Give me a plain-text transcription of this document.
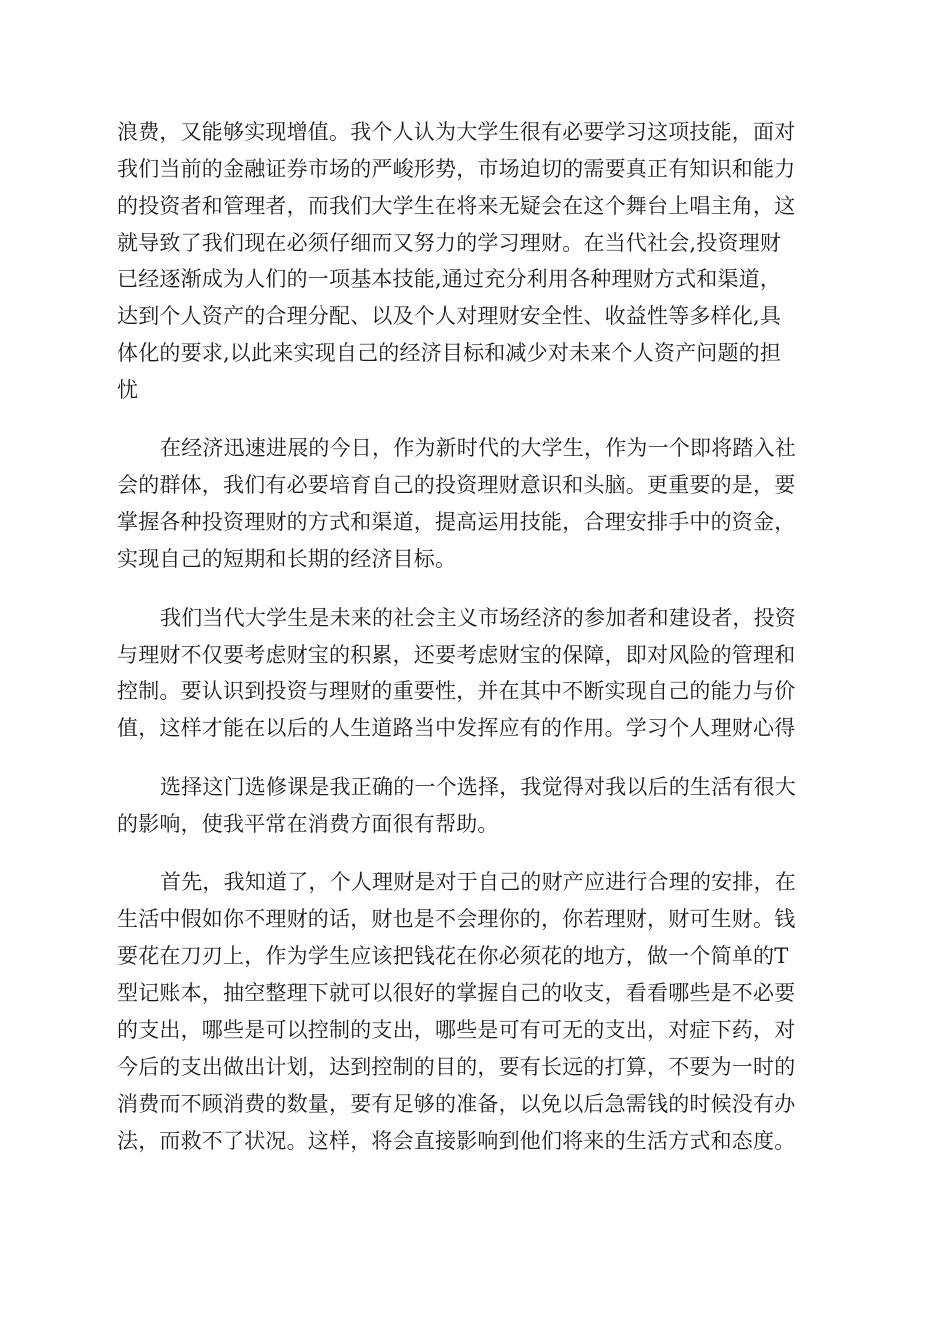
浪费，又能够实现增值。我个人认为大学生很有必要学习这项技能，面对
我们当前的金融证券市场的严峻形势，市场迫切的需要真正有知识和能力
的投资者和管理者，而我们大学生在将来无疑会在这个舞台上唱主角，这
就导致了我们现在必须仔细而又努力的学习理财。在当代社会,投资理财
已经逐渐成为人们的一项基本技能,通过充分利用各种理财方式和渠道，
达到个人资产的合理分配、以及个人对理财安全性、收益性等多样化,具
体化的要求,以此来实现自己的经济目标和减少对未来个人资产问题的担
忧
在经济迅速进展的今日，作为新时代的大学生，作为一个即将踏入社
会的群体，我们有必要培育自己的投资理财意识和头脑。更重要的是，要
掌握各种投资理财的方式和渠道，提高运用技能，合理安排手中的资金，
实现自己的短期和长期的经济目标。
我们当代大学生是未来的社会主义市场经济的参加者和建设者，投资
与理财不仅要考虑财宝的积累，还要考虑财宝的保障，即对风险的管理和
控制。要认识到投资与理财的重要性，并在其中不断实现自己的能力与价
值，这样才能在以后的人生道路当中发挥应有的作用。学习个人理财心得
选择这门选修课是我正确的一个选择，我觉得对我以后的生活有很大
的影响，使我平常在消费方面很有帮助。
首先，我知道了，个人理财是对于自己的财产应进行合理的安排，在
生活中假如你不理财的话，财也是不会理你的，你若理财，财可生财。钱
要花在刀刃上，作为学生应该把钱花在你必须花的地方，做一个简单的T
型记账本，抽空整理下就可以很好的掌握自己的收支，看看哪些是不必要
的支出，哪些是可以控制的支出，哪些是可有可无的支出，对症下药，对
今后的支出做出计划，达到控制的目的，要有长远的打算，不要为一时的
消费而不顾消费的数量，要有足够的准备，以免以后急需钱的时候没有办
法，而救不了状况。这样，将会直接影响到他们将来的生活方式和态度。
